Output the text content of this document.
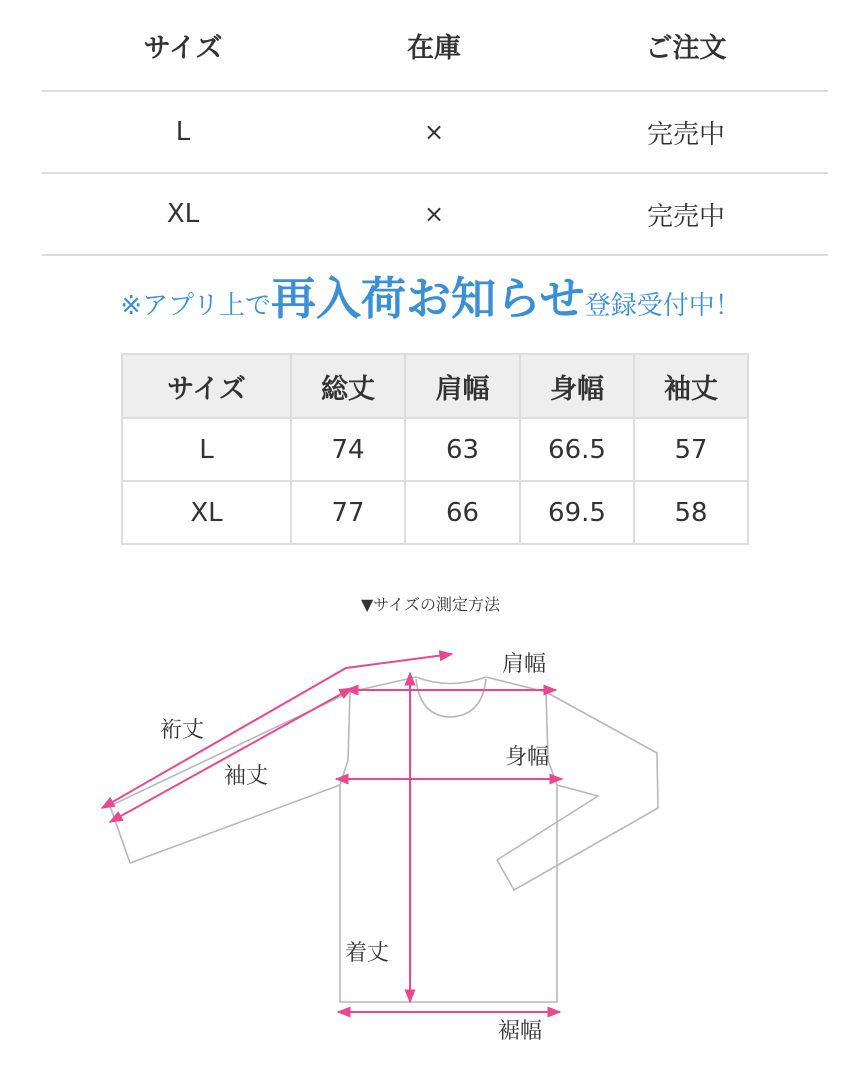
サイズ	在庫	ご注文
L	×	完売中
XL	×	完売中
※アプリ上で再入荷お知らせ登録受付中！
サイズ	総丈	肩幅	身幅	袖丈
L	74	63	66.5	57
XL	77	66	69.5	58
▼サイズの測定方法
肩幅
身幅
裄丈
袖丈
着丈
裾幅
